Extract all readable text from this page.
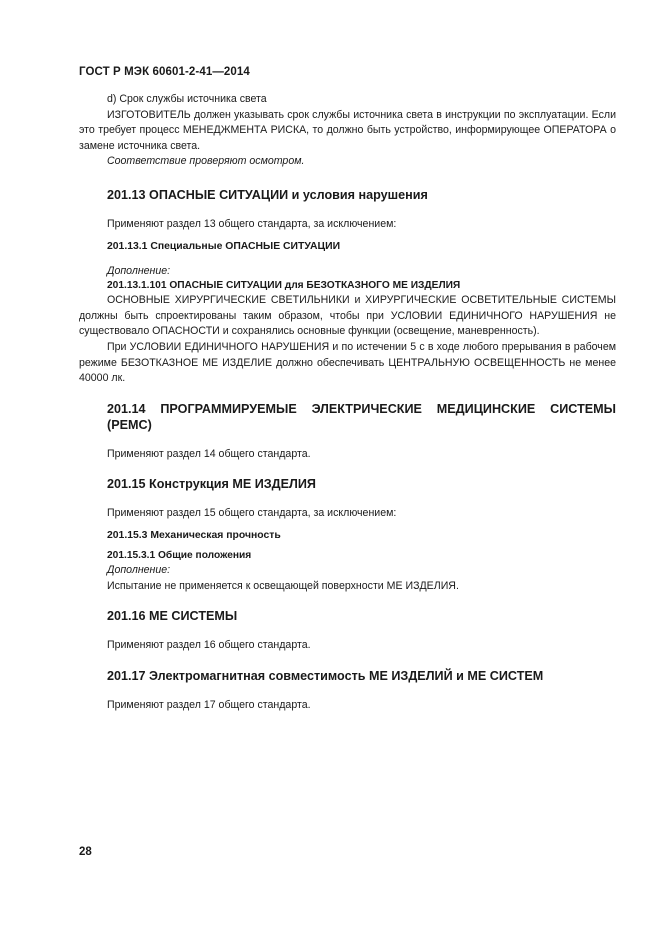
ГОСТ Р МЭК 60601-2-41—2014

d) Срок службы источника света

ИЗГОТОВИТЕЛЬ должен указывать срок службы источника света в инструкции по эксплуатации. Если это требует процесс МЕНЕДЖМЕНТА РИСКА, то должно быть устройство, информирующее ОПЕРАТОРА о замене источника света.

Соответствие проверяют осмотром.

201.13 ОПАСНЫЕ СИТУАЦИИ и условия нарушения

Применяют раздел 13 общего стандарта, за исключением:

201.13.1 Специальные ОПАСНЫЕ СИТУАЦИИ

Дополнение:

201.13.1.101 ОПАСНЫЕ СИТУАЦИИ для БЕЗОТКАЗНОГО МЕ ИЗДЕЛИЯ

ОСНОВНЫЕ ХИРУРГИЧЕСКИЕ СВЕТИЛЬНИКИ и ХИРУРГИЧЕСКИЕ ОСВЕТИТЕЛЬНЫЕ СИСТЕМЫ должны быть спроектированы таким образом, чтобы при УСЛОВИИ ЕДИНИЧНОГО НАРУШЕНИЯ не существовало ОПАСНОСТИ и сохранялись основные функции (освещение, маневренность).

При УСЛОВИИ ЕДИНИЧНОГО НАРУШЕНИЯ и по истечении 5 с в ходе любого прерывания в рабочем режиме БЕЗОТКАЗНОЕ МЕ ИЗДЕЛИЕ должно обеспечивать ЦЕНТРАЛЬНУЮ ОСВЕЩЕННОСТЬ не менее 40000 лк.

201.14 ПРОГРАММИРУЕМЫЕ ЭЛЕКТРИЧЕСКИЕ МЕДИЦИНСКИЕ СИСТЕМЫ (PEMC)

Применяют раздел 14 общего стандарта.

201.15 Конструкция МЕ ИЗДЕЛИЯ

Применяют раздел 15 общего стандарта, за исключением:

201.15.3 Механическая прочность

201.15.3.1 Общие положения

Дополнение:

Испытание не применяется к освещающей поверхности МЕ ИЗДЕЛИЯ.

201.16 МЕ СИСТЕМЫ

Применяют раздел 16 общего стандарта.

201.17 Электромагнитная совместимость МЕ ИЗДЕЛИЙ и МЕ СИСТЕМ

Применяют раздел 17 общего стандарта.

28
